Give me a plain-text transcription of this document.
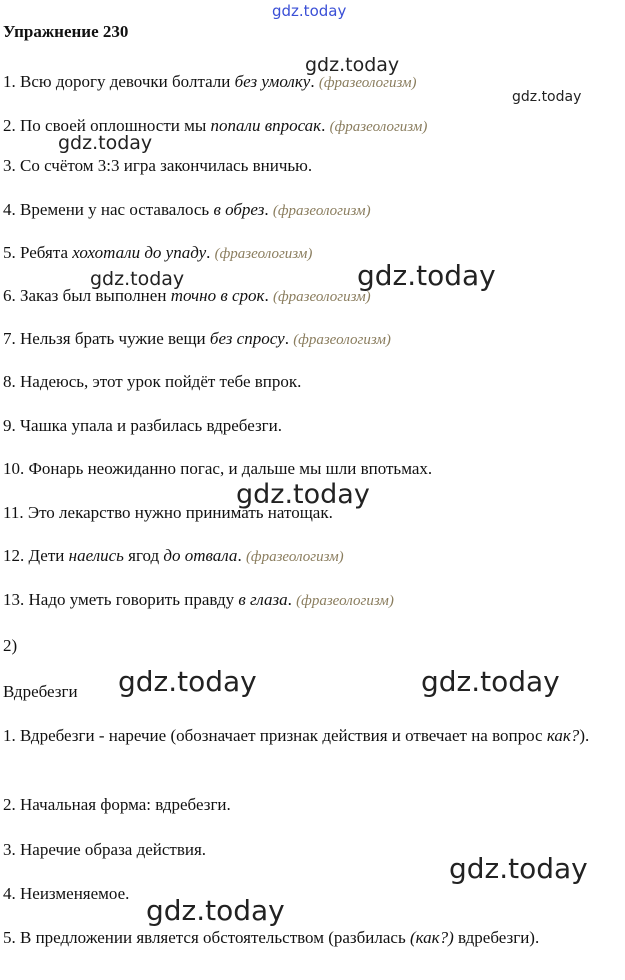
gdz.today
gdz.today
gdz.today
gdz.today
gdz.today	gdz.today
gdz.today
gdz.today	gdz.today
gdz.today
gdz.today
Упражнение 230
1. Всю дорогу девочки болтали без умолку. (фразеологизм)
2. По своей оплошности мы попали впросак. (фразеологизм)
3. Со счётом 3:3 игра закончилась вничью.
4. Времени у нас оставалось в обрез. (фразеологизм)
5. Ребята хохотали до упаду. (фразеологизм)
6. Заказ был выполнен точно в срок. (фразеологизм)
7. Нельзя брать чужие вещи без спросу. (фразеологизм)
8. Надеюсь, этот урок пойдёт тебе впрок.
9. Чашка упала и разбилась вдребезги.
10. Фонарь неожиданно погас, и дальше мы шли впотьмах.
11. Это лекарство нужно принимать натощак.
12. Дети наелись ягод до отвала. (фразеологизм)
13. Надо уметь говорить правду в глаза. (фразеологизм)
2)
Вдребезги
1. Вдребезги - наречие (обозначает признак действия и отвечает на вопрос как?).
2. Начальная форма: вдребезги.
3. Наречие образа действия.
4. Неизменяемое.
5. В предложении является обстоятельством (разбилась (как?) вдребезги).
